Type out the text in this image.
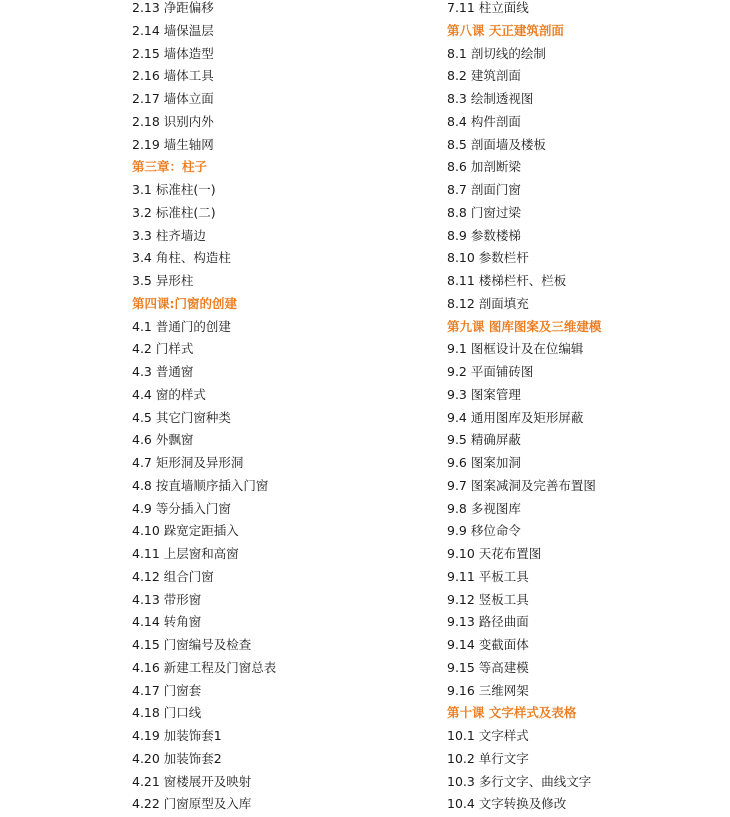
2.13 净距偏移
2.14 墙保温层
2.15 墙体造型
2.16 墙体工具
2.17 墙体立面
2.18 识别内外
2.19 墙生轴网
第三章：柱子
3.1 标准柱(一)
3.2 标准柱(二)
3.3 柱齐墙边
3.4 角柱、构造柱
3.5 异形柱
第四课:门窗的创建
4.1 普通门的创建
4.2 门样式
4.3 普通窗
4.4 窗的样式
4.5 其它门窗种类
4.6 外飘窗
4.7 矩形洞及异形洞
4.8 按直墙顺序插入门窗
4.9 等分插入门窗
4.10 跺宽定距插入
4.11 上层窗和高窗
4.12 组合门窗
4.13 带形窗
4.14 转角窗
4.15 门窗编号及检查
4.16 新建工程及门窗总表
4.17 门窗套
4.18 门口线
4.19 加装饰套1
4.20 加装饰套2
4.21 窗楼展开及映射
4.22 门窗原型及入库
7.11 柱立面线
第八课 天正建筑剖面
8.1 剖切线的绘制
8.2 建筑剖面
8.3 绘制透视图
8.4 构件剖面
8.5 剖面墙及楼板
8.6 加剖断梁
8.7 剖面门窗
8.8 门窗过梁
8.9 参数楼梯
8.10 参数栏杆
8.11 楼梯栏杆、栏板
8.12 剖面填充
第九课 图库图案及三维建模
9.1 图框设计及在位编辑
9.2 平面铺砖图
9.3 图案管理
9.4 通用图库及矩形屏蔽
9.5 精确屏蔽
9.6 图案加洞
9.7 图案减洞及完善布置图
9.8 多视图库
9.9 移位命令
9.10 天花布置图
9.11 平板工具
9.12 竖板工具
9.13 路径曲面
9.14 变截面体
9.15 等高建模
9.16 三维网架
第十课 文字样式及表格
10.1 文字样式
10.2 单行文字
10.3 多行文字、曲线文字
10.4 文字转换及修改
